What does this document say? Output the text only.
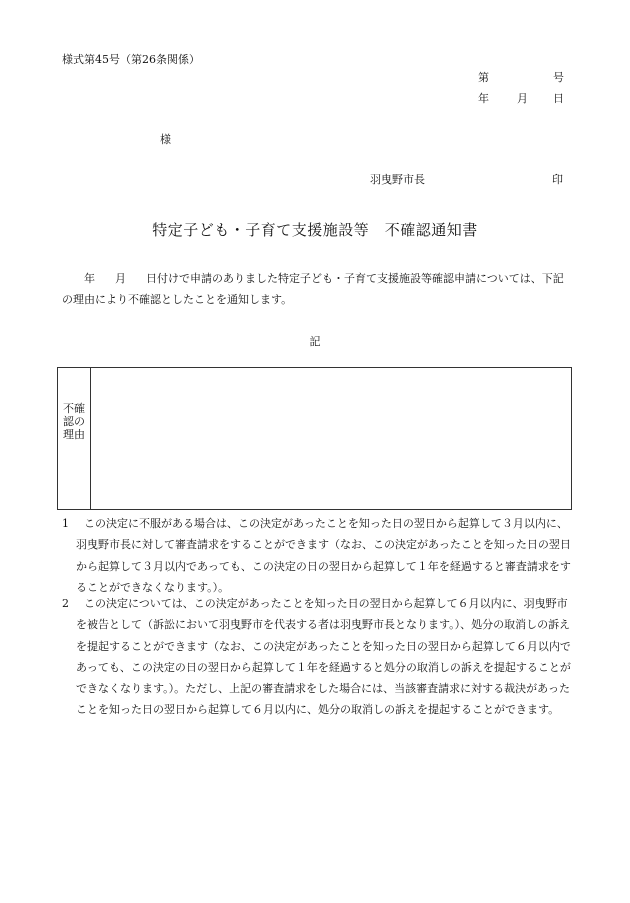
様式第45号（第26条関係）
第	号
年	月 日
様
羽曳野市長	印
特定子ども・子育て支援施設等　不確認通知書
年 月 日付けで申請のありました特定子ども・子育て支援施設等確認申請については、下記の理由により不確認としたことを通知します。
記
不確認の理由
1	この決定に不服がある場合は、この決定があったことを知った日の翌日から起算して３月以内に、羽曳野市長に対して審査請求をすることができます（なお、この決定があったことを知った日の翌日から起算して３月以内であっても、この決定の日の翌日から起算して１年を経過すると審査請求をすることができなくなります。）。
2	この決定については、この決定があったことを知った日の翌日から起算して６月以内に、羽曳野市を被告として（訴訟において羽曳野市を代表する者は羽曳野市長となります。）、処分の取消しの訴えを提起することができます（なお、この決定があったことを知った日の翌日から起算して６月以内であっても、この決定の日の翌日から起算して１年を経過すると処分の取消しの訴えを提起することができなくなります。）。ただし、上記の審査請求をした場合には、当該審査請求に対する裁決があったことを知った日の翌日から起算して６月以内に、処分の取消しの訴えを提起することができます。
